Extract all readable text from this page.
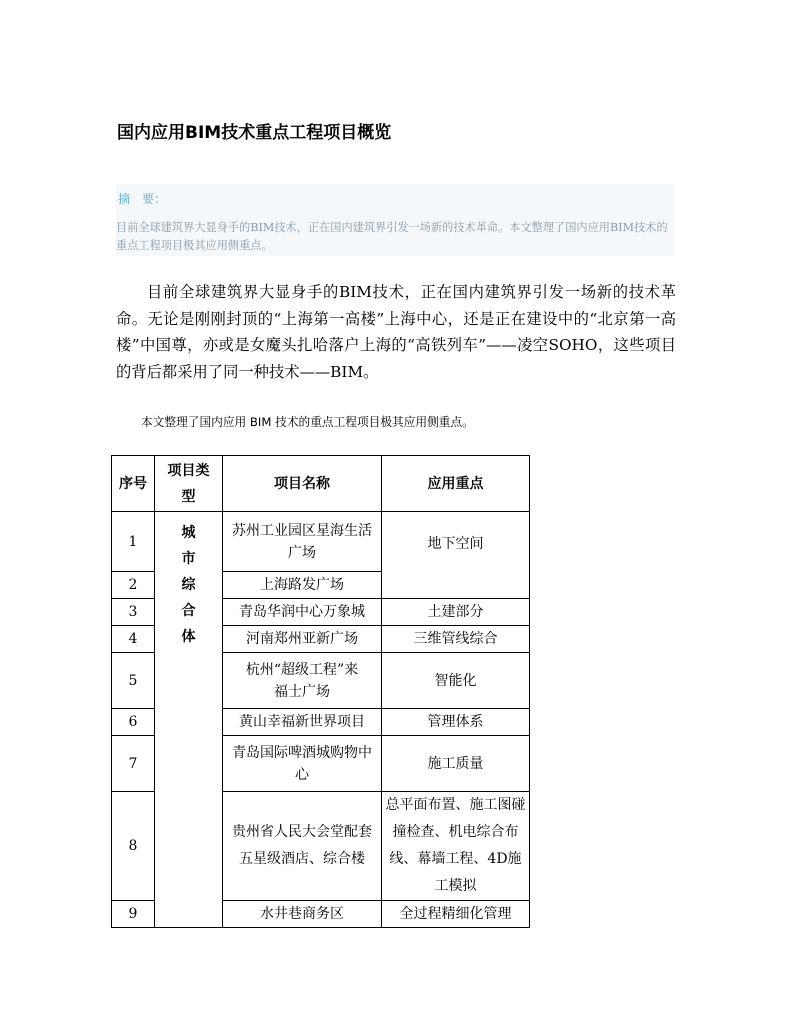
国内应用BIM技术重点工程项目概览
摘　要：
目前全球建筑界大显身手的BIM技术，正在国内建筑界引发一场新的技术革命。本文整理了国内应用BIM技术的重点工程项目极其应用侧重点。
目前全球建筑界大显身手的BIM技术，正在国内建筑界引发一场新的技术革命。无论是刚刚封顶的“上海第一高楼”上海中心，还是正在建设中的“北京第一高楼”中国尊，亦或是女魔头扎哈落户上海的“高铁列车”——凌空SOHO，这些项目的背后都采用了同一种技术——BIM。
本文整理了国内应用 BIM 技术的重点工程项目极其应用侧重点。
序号	项目类型	项目名称	应用重点
1	城市综合体	苏州工业园区星海生活广场	地下空间
2		上海路发广场	
3		青岛华润中心万象城	土建部分
4		河南郑州亚新广场	三维管线综合
5		杭州“超级工程”来福士广场	智能化
6		黄山幸福新世界项目	管理体系
7		青岛国际啤酒城购物中心	施工质量
8		贵州省人民大会堂配套五星级酒店、综合楼	总平面布置、施工图碰撞检查、机电综合布线、幕墙工程、4D施工模拟
9		水井巷商务区	全过程精细化管理
